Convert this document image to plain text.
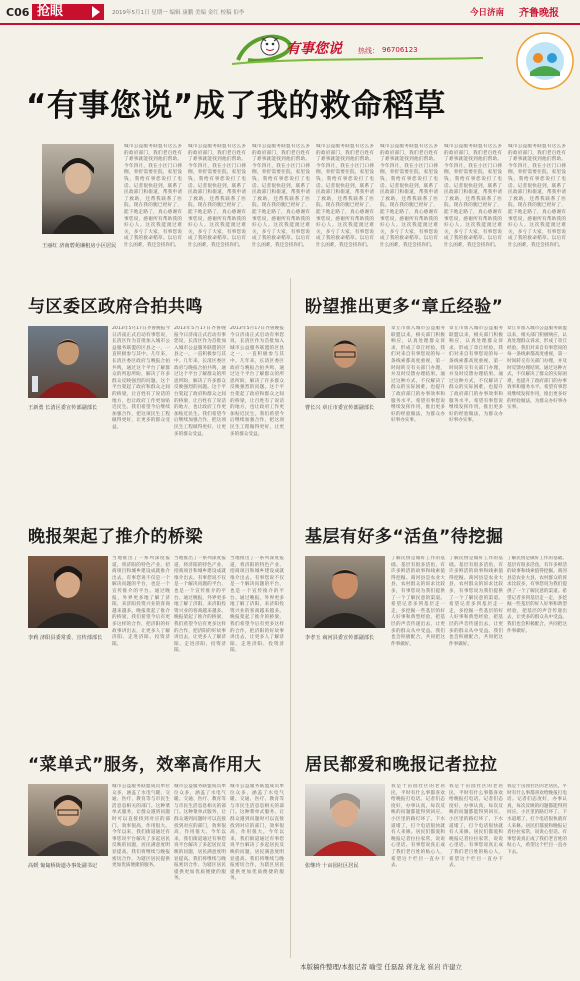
C06 抢眼	2019年5月1日 星期一 编辑 康鹏 美编 金红 校稿 伯李	今日济南 齐鲁晚报
有事您说 热线： 96706123
“有事您说”成了我的救命稻草
王丽红 济南碧苑廉租房小区居民
城市公益服务联盟有这么多的政府部门，我们老百姓有了难事就能找到他们帮助。今年四月，我在小区门口摔倒，骨折需要住院，家里没钱，我给有事您说打了电话。记者很快赶到，联系了民政部门和街道，帮我申请了救助，还帮我联系了医院。现在我的腿已经好了，能下地走路了，真心感谢有事您说，感谢所有帮助我的好心人。这次我能渡过难关，多亏了大家，有事您说成了我的救命稻草。以后有什么困难，我还会找你们。
城市公益服务联盟有这么多的政府部门，我们老百姓有了难事就能找到他们帮助。今年四月，我在小区门口摔倒，骨折需要住院，家里没钱，我给有事您说打了电话。记者很快赶到，联系了民政部门和街道，帮我申请了救助，还帮我联系了医院。现在我的腿已经好了，能下地走路了，真心感谢有事您说，感谢所有帮助我的好心人。这次我能渡过难关，多亏了大家，有事您说成了我的救命稻草。以后有什么困难，我还会找你们。
城市公益服务联盟有这么多的政府部门，我们老百姓有了难事就能找到他们帮助。今年四月，我在小区门口摔倒，骨折需要住院，家里没钱，我给有事您说打了电话。记者很快赶到，联系了民政部门和街道，帮我申请了救助，还帮我联系了医院。现在我的腿已经好了，能下地走路了，真心感谢有事您说，感谢所有帮助我的好心人。这次我能渡过难关，多亏了大家，有事您说成了我的救命稻草。以后有什么困难，我还会找你们。
城市公益服务联盟有这么多的政府部门，我们老百姓有了难事就能找到他们帮助。今年四月，我在小区门口摔倒，骨折需要住院，家里没钱，我给有事您说打了电话。记者很快赶到，联系了民政部门和街道，帮我申请了救助，还帮我联系了医院。现在我的腿已经好了，能下地走路了，真心感谢有事您说，感谢所有帮助我的好心人。这次我能渡过难关，多亏了大家，有事您说成了我的救命稻草。以后有什么困难，我还会找你们。
城市公益服务联盟有这么多的政府部门，我们老百姓有了难事就能找到他们帮助。今年四月，我在小区门口摔倒，骨折需要住院，家里没钱，我给有事您说打了电话。记者很快赶到，联系了民政部门和街道，帮我申请了救助，还帮我联系了医院。现在我的腿已经好了，能下地走路了，真心感谢有事您说，感谢所有帮助我的好心人。这次我能渡过难关，多亏了大家，有事您说成了我的救命稻草。以后有什么困难，我还会找你们。
城市公益服务联盟有这么多的政府部门，我们老百姓有了难事就能找到他们帮助。今年四月，我在小区门口摔倒，骨折需要住院，家里没钱，我给有事您说打了电话。记者很快赶到，联系了民政部门和街道，帮我申请了救助，还帮我联系了医院。现在我的腿已经好了，能下地走路了，真心感谢有事您说，感谢所有帮助我的好心人。这次我能渡过难关，多亏了大家，有事您说成了我的救命稻草。以后有什么困难，我还会找你们。
城市公益服务联盟有这么多的政府部门，我们老百姓有了难事就能找到他们帮助。今年四月，我在小区门口摔倒，骨折需要住院，家里没钱，我给有事您说打了电话。记者很快赶到，联系了民政部门和街道，帮我申请了救助，还帮我联系了医院。现在我的腿已经好了，能下地走路了，真心感谢有事您说，感谢所有帮助我的好心人。这次我能渡过难关，多亏了大家，有事您说成了我的救命稻草。以后有什么困难，我还会找你们。
与区委区政府合拍共鸣
王新勇 长清区委宣传部副部长
2013年5月17日齐鲁晚报今日济南正式启动有事您说，长清区作为首批加入城市公益服务联盟的区县之一，一直积极参与其中。几年来，长清区委区政府与晚报合拍共鸣，通过这个平台了解群众的所思所盼，解决了许多群众反映强烈的问题。这个平台架起了政府和群众之间的桥梁，让百姓有了说话的地方，也让政府工作更加贴近民生。我们希望今后继续加强合作，把这项民生工程做得更好，让更多的群众受益。
2013年5月17日齐鲁晚报今日济南正式启动有事您说，长清区作为首批加入城市公益服务联盟的区县之一，一直积极参与其中。几年来，长清区委区政府与晚报合拍共鸣，通过这个平台了解群众的所思所盼，解决了许多群众反映强烈的问题。这个平台架起了政府和群众之间的桥梁，让百姓有了说话的地方，也让政府工作更加贴近民生。我们希望今后继续加强合作，把这项民生工程做得更好，让更多的群众受益。
2013年5月17日齐鲁晚报今日济南正式启动有事您说，长清区作为首批加入城市公益服务联盟的区县之一，一直积极参与其中。几年来，长清区委区政府与晚报合拍共鸣，通过这个平台了解群众的所思所盼，解决了许多群众反映强烈的问题。这个平台架起了政府和群众之间的桥梁，让百姓有了说话的地方，也让政府工作更加贴近民生。我们希望今后继续加强合作，把这项民生工程做得更好，让更多的群众受益。
盼望推出更多“章丘经验”
曹长兴 章丘市委宣传部副部长
章丘市加入城市公益服务联盟以来，相关部门积极响应，认真处理群众诉求，形成了章丘经验。我们对来自有事您说的每一条线索都高度重视，第一时间转交有关部门办理，并及时反馈办理结果。通过这种方式，不仅解决了群众的实际困难，也提升了政府部门的办事效率和服务水平。希望有事您说继续发挥作用，推出更多好的经验做法，为群众办好事办实事。
章丘市加入城市公益服务联盟以来，相关部门积极响应，认真处理群众诉求，形成了章丘经验。我们对来自有事您说的每一条线索都高度重视，第一时间转交有关部门办理，并及时反馈办理结果。通过这种方式，不仅解决了群众的实际困难，也提升了政府部门的办事效率和服务水平。希望有事您说继续发挥作用，推出更多好的经验做法，为群众办好事办实事。
章丘市加入城市公益服务联盟以来，相关部门积极响应，认真处理群众诉求，形成了章丘经验。我们对来自有事您说的每一条线索都高度重视，第一时间转交有关部门办理，并及时反馈办理结果。通过这种方式，不仅解决了群众的实际困难，也提升了政府部门的办事效率和服务水平。希望有事您说继续发挥作用，推出更多好的经验做法，为群众办好事办实事。
晚报架起了推介的桥梁
李莉 济阳县委常委、宣传部部长
当地推出了一系列深度报道，将济阳的特色产业、招商项目和城乡建设成就推介出去。有事您说不仅是一个解决问题的平台，也是一个宣传推介的平台。通过晚报，外界更多地了解了济阳，来济阳投资兴业的客商越来越多。晚报架起了推介的桥梁，我们希望今后有更多这样的合作，把济阳的好故事讲出去，让更多人了解济阳、走进济阳、投资济阳。
当地推出了一系列深度报道，将济阳的特色产业、招商项目和城乡建设成就推介出去。有事您说不仅是一个解决问题的平台，也是一个宣传推介的平台。通过晚报，外界更多地了解了济阳，来济阳投资兴业的客商越来越多。晚报架起了推介的桥梁，我们希望今后有更多这样的合作，把济阳的好故事讲出去，让更多人了解济阳、走进济阳、投资济阳。
当地推出了一系列深度报道，将济阳的特色产业、招商项目和城乡建设成就推介出去。有事您说不仅是一个解决问题的平台，也是一个宣传推介的平台。通过晚报，外界更多地了解了济阳，来济阳投资兴业的客商越来越多。晚报架起了推介的桥梁，我们希望今后有更多这样的合作，把济阳的好故事讲出去，让更多人了解济阳、走进济阳、投资济阳。
基层有好多“活鱼”待挖掘
李孝玉 商河县委宣传部副部长
了解民情是做好工作的基础。基层有很多活鱼，有许多鲜活的故事和线索值得挖掘。商河县是农业大县，农村群众的诉求比较多，有事您说为我们提供了一个了解民意的渠道。希望记者多到基层走一走，多挖掘一些基层的好人好事和典型经验，把基层的声音传递出去，让更多的群众从中受益。我们也会积极配合，共同把这件事做好。
了解民情是做好工作的基础。基层有很多活鱼，有许多鲜活的故事和线索值得挖掘。商河县是农业大县，农村群众的诉求比较多，有事您说为我们提供了一个了解民意的渠道。希望记者多到基层走一走，多挖掘一些基层的好人好事和典型经验，把基层的声音传递出去，让更多的群众从中受益。我们也会积极配合，共同把这件事做好。
了解民情是做好工作的基础。基层有很多活鱼，有许多鲜活的故事和线索值得挖掘。商河县是农业大县，农村群众的诉求比较多，有事您说为我们提供了一个了解民意的渠道。希望记者多到基层走一走，多挖掘一些基层的好人好事和典型经验，把基层的声音传递出去，让更多的群众从中受益。我们也会积极配合，共同把这件事做好。
“菜单式”服务，效率高作用大
高媛 匍匐桥街道办事处副书记
城市公益服务联盟成员单位众多，涵盖了水电气暖、交通、医疗、教育等与市民生活息息相关的部门。这种菜单式服务，让群众遇到问题时可以直接找到对应的部门，效率很高，作用很大。今年以来，我们街道通过有事您说平台解决了多起居民反映的问题，居民满意度明显提高。我们将继续与晚报密切合作，为辖区居民提供更加优质便捷的服务。
城市公益服务联盟成员单位众多，涵盖了水电气暖、交通、医疗、教育等与市民生活息息相关的部门。这种菜单式服务，让群众遇到问题时可以直接找到对应的部门，效率很高，作用很大。今年以来，我们街道通过有事您说平台解决了多起居民反映的问题，居民满意度明显提高。我们将继续与晚报密切合作，为辖区居民提供更加优质便捷的服务。
城市公益服务联盟成员单位众多，涵盖了水电气暖、交通、医疗、教育等与市民生活息息相关的部门。这种菜单式服务，让群众遇到问题时可以直接找到对应的部门，效率很高，作用很大。今年以来，我们街道通过有事您说平台解决了多起居民反映的问题，居民满意度明显提高。我们将继续与晚报密切合作，为辖区居民提供更加优质便捷的服务。
居民都爱和晚报记者拉拉
张继玲 十亩园社区居民
我是十亩园社区的老居民，平时有什么事都喜欢给晚报打电话。记者们态度好，办事认真，每次反映的问题都能得到回应。小区里的路灯坏了、下水道堵了，打个电话很快就有人来修。居民们都爱和晚报记者拉拉家常，说说心里话。有事您说真正成了我们老百姓的贴心人，希望这个栏目一直办下去。
我是十亩园社区的老居民，平时有什么事都喜欢给晚报打电话。记者们态度好，办事认真，每次反映的问题都能得到回应。小区里的路灯坏了、下水道堵了，打个电话很快就有人来修。居民们都爱和晚报记者拉拉家常，说说心里话。有事您说真正成了我们老百姓的贴心人，希望这个栏目一直办下去。
我是十亩园社区的老居民，平时有什么事都喜欢给晚报打电话。记者们态度好，办事认真，每次反映的问题都能得到回应。小区里的路灯坏了、下水道堵了，打个电话很快就有人来修。居民们都爱和晚报记者拉拉家常，说说心里话。有事您说真正成了我们老百姓的贴心人，希望这个栏目一直办下去。
本版稿件整理/本报记者 喻莹 任磊磊 蒋龙龙 崔岩 许建立
